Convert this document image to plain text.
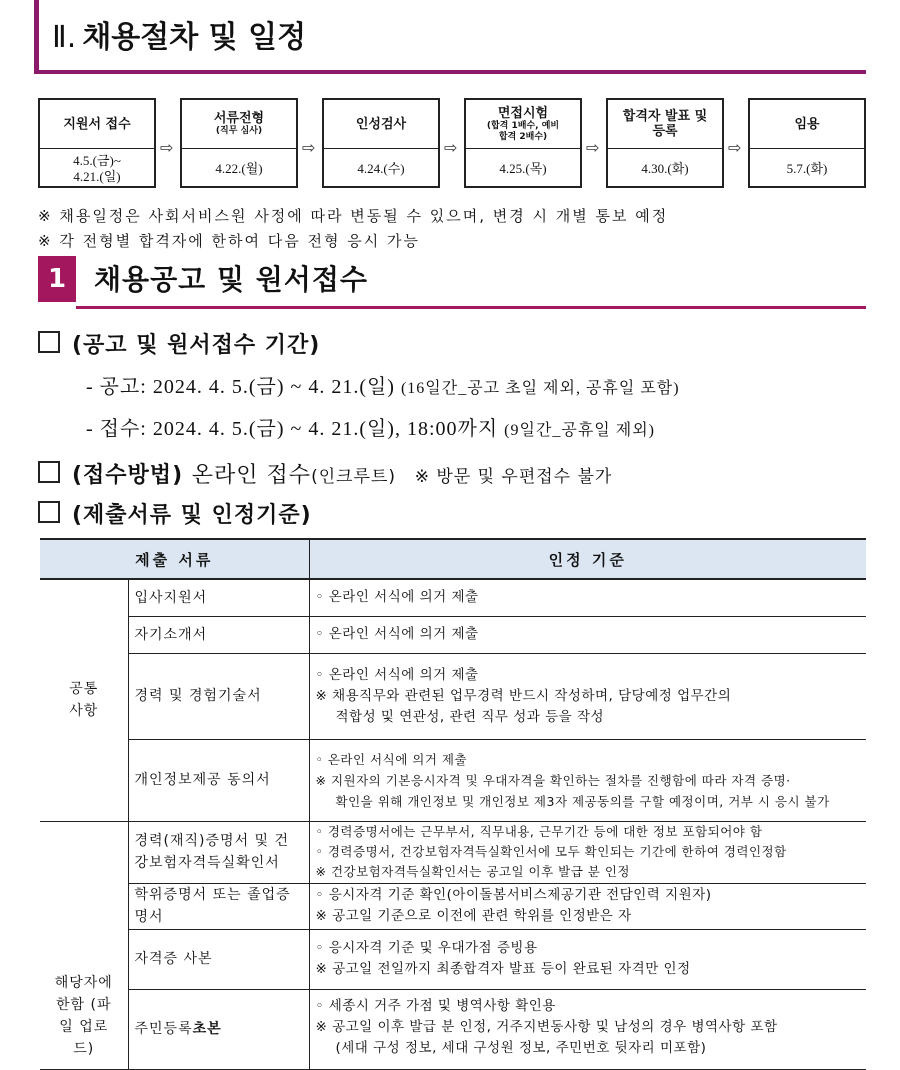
Ⅱ. 채용절차 및 일정
지원서 접수
4.5.(금)~ 4.21.(일)
⇨
서류전형
(직무 심사)
4.22.(월)
⇨
인성검사
4.24.(수)
⇨
면접시험
(합격 1배수, 예비합격 2배수)
4.25.(목)
⇨
합격자 발표 및 등록
4.30.(화)
⇨
임용
5.7.(화)
※ 채용일정은 사회서비스원 사정에 따라 변동될 수 있으며, 변경 시 개별 통보 예정
※ 각 전형별 합격자에 한하여 다음 전형 응시 가능
1 채용공고 및 원서접수
(공고 및 원서접수 기간)
- 공고: 2024. 4. 5.(금) ~ 4. 21.(일) (16일간_공고 초일 제외, 공휴일 포함)
- 접수: 2024. 4. 5.(금) ~ 4. 21.(일), 18:00까지 (9일간_공휴일 제외)
(접수방법) 온라인 접수(인크루트) ※ 방문 및 우편접수 불가
(제출서류 및 인정기준)
제출 서류		인정 기준
공통 사항	입사지원서	◦ 온라인 서식에 의거 제출

	자기소개서	◦ 온라인 서식에 의거 제출

	경력 및 경험기술서	◦ 온라인 서식에 의거 제출
※ 채용직무와 관련된 업무경력 반드시 작성하며, 담당예정 업무간의
적합성 및 연관성, 관련 직무 성과 등을 작성

	개인정보제공 동의서	◦ 온라인 서식에 의거 제출
※ 지원자의 기본응시자격 및 우대자격을 확인하는 절차를 진행함에 따라 자격 증명·
확인을 위해 개인정보 및 개인정보 제3자 제공동의를 구할 예정이며, 거부 시 응시 불가

해당자에 한함 (파일 업로드)	경력(재직)증명서 및 건강보험자격득실확인서	◦ 경력증명서에는 근무부서, 직무내용, 근무기간 등에 대한 정보 포함되어야 함
◦ 경력증명서, 건강보험자격득실확인서에 모두 확인되는 기간에 한하여 경력인정함
※ 건강보험자격득실확인서는 공고일 이후 발급 분 인정

	학위증명서 또는 졸업증명서	◦ 응시자격 기준 확인(아이돌봄서비스제공기관 전담인력 지원자)
※ 공고일 기준으로 이전에 관련 학위를 인정받은 자

	자격증 사본	◦ 응시자격 기준 및 우대가점 증빙용
※ 공고일 전일까지 최종합격자 발표 등이 완료된 자격만 인정

	주민등록초본	◦ 세종시 거주 가점 및 병역사항 확인용
※ 공고일 이후 발급 분 인정, 거주지변동사항 및 남성의 경우 병역사항 포함
(세대 구성 정보, 세대 구성원 정보, 주민번호 뒷자리 미포함)
